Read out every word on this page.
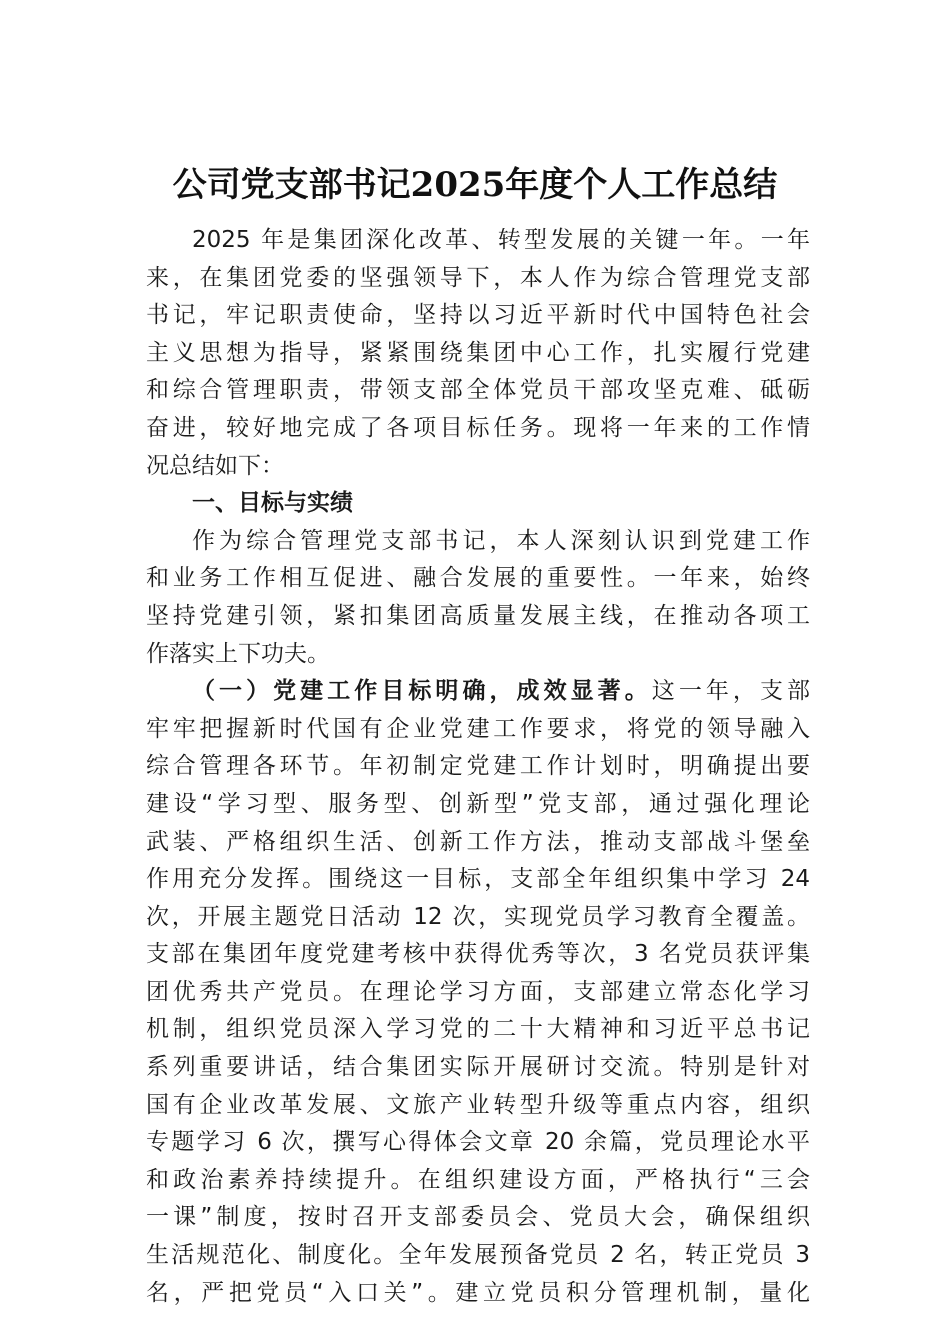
公司党支部书记2025年度个人工作总结
2025 年是集团深化改革、转型发展的关键一年。一年
来，在集团党委的坚强领导下，本人作为综合管理党支部
书记，牢记职责使命，坚持以习近平新时代中国特色社会
主义思想为指导，紧紧围绕集团中心工作，扎实履行党建
和综合管理职责，带领支部全体党员干部攻坚克难、砥砺
奋进，较好地完成了各项目标任务。现将一年来的工作情
况总结如下：
一、目标与实绩
作为综合管理党支部书记，本人深刻认识到党建工作
和业务工作相互促进、融合发展的重要性。一年来，始终
坚持党建引领，紧扣集团高质量发展主线，在推动各项工
作落实上下功夫。
（一）党建工作目标明确，成效显著。这一年，支部
牢牢把握新时代国有企业党建工作要求，将党的领导融入
综合管理各环节。年初制定党建工作计划时，明确提出要
建设“学习型、服务型、创新型”党支部，通过强化理论
武装、严格组织生活、创新工作方法，推动支部战斗堡垒
作用充分发挥。围绕这一目标，支部全年组织集中学习 24
次，开展主题党日活动 12 次，实现党员学习教育全覆盖。
支部在集团年度党建考核中获得优秀等次，3 名党员获评集
团优秀共产党员。在理论学习方面，支部建立常态化学习
机制，组织党员深入学习党的二十大精神和习近平总书记
系列重要讲话，结合集团实际开展研讨交流。特别是针对
国有企业改革发展、文旅产业转型升级等重点内容，组织
专题学习 6 次，撰写心得体会文章 20 余篇，党员理论水平
和政治素养持续提升。在组织建设方面，严格执行“三会
一课”制度，按时召开支部委员会、党员大会，确保组织
生活规范化、制度化。全年发展预备党员 2 名，转正党员 3
名，严把党员“入口关”。建立党员积分管理机制，量化
